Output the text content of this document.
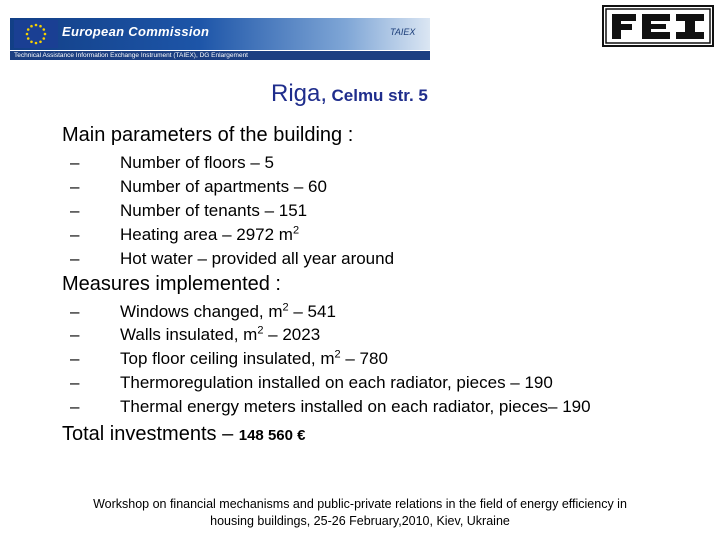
European Commission	TAIEX
Technical Assistance Information Exchange Instrument (TAIEX), DG Enlargement
Riga, Celmu str. 5
Main parameters of the building :
–	Number of floors – 5
–	Number of apartments – 60
–	Number of tenants – 151
–	Heating area – 2972 $m^2$
–	Hot water – provided all year around
Measures implemented :
–	Windows changed, $m^2 - 541$
–	Walls insulated, $m^2 - 2023$
–	Top floor ceiling insulated, $m^2 - 780$
–	Thermoregulation installed on each radiator, pieces – 190
–	Thermal energy meters installed on each radiator, pieces– 190
Total investments – 148 560 €
Workshop on financial mechanisms and public-private relations in the field of energy efficiency in
housing buildings, 25-26 February,2010, Kiev, Ukraine
